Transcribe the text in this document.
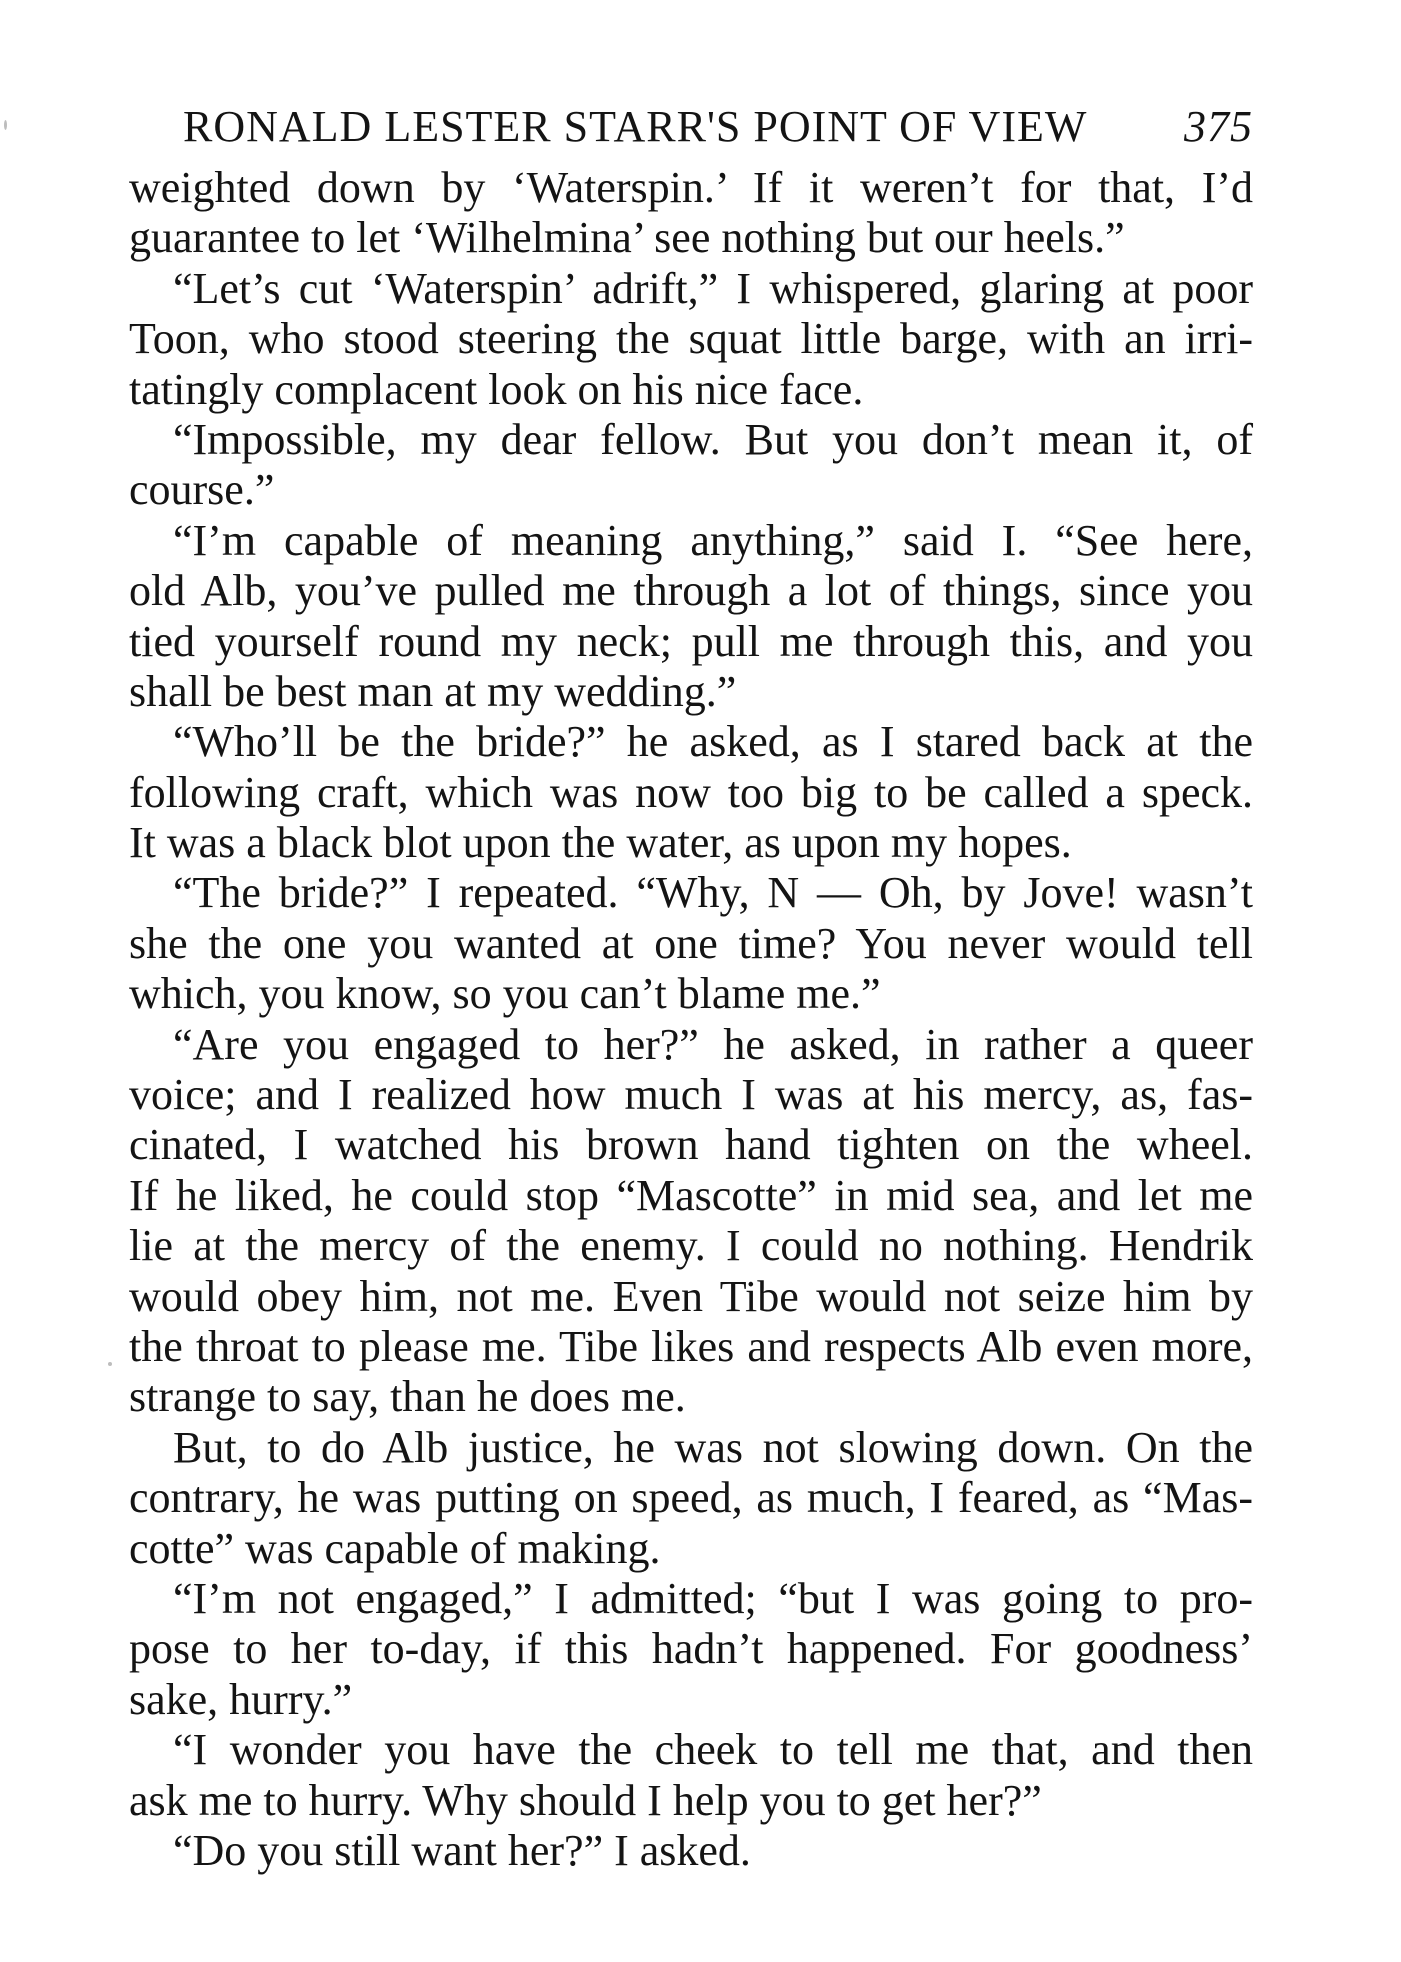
RONALD LESTER STARR'S POINT OF VIEW 375
weighted down by ‘Waterspin.’ If it weren’t for that, I’d
guarantee to let ‘Wilhelmina’ see nothing but our heels.”
“Let’s cut ‘Waterspin’ adrift,” I whispered, glaring at poor
Toon, who stood steering the squat little barge, with an irri-
tatingly complacent look on his nice face.
“Impossible, my dear fellow. But you don’t mean it, of
course.”
“I’m capable of meaning anything,” said I. “See here,
old Alb, you’ve pulled me through a lot of things, since you
tied yourself round my neck; pull me through this, and you
shall be best man at my wedding.”
“Who’ll be the bride?” he asked, as I stared back at the
following craft, which was now too big to be called a speck.
It was a black blot upon the water, as upon my hopes.
“The bride?” I repeated. “Why, N — Oh, by Jove! wasn’t
she the one you wanted at one time? You never would tell
which, you know, so you can’t blame me.”
“Are you engaged to her?” he asked, in rather a queer
voice; and I realized how much I was at his mercy, as, fas-
cinated, I watched his brown hand tighten on the wheel.
If he liked, he could stop “Mascotte” in mid sea, and let me
lie at the mercy of the enemy. I could no nothing. Hendrik
would obey him, not me. Even Tibe would not seize him by
the throat to please me. Tibe likes and respects Alb even more,
strange to say, than he does me.
But, to do Alb justice, he was not slowing down. On the
contrary, he was putting on speed, as much, I feared, as “Mas-
cotte” was capable of making.
“I’m not engaged,” I admitted; “but I was going to pro-
pose to her to-day, if this hadn’t happened. For goodness’
sake, hurry.”
“I wonder you have the cheek to tell me that, and then
ask me to hurry. Why should I help you to get her?”
“Do you still want her?” I asked.
